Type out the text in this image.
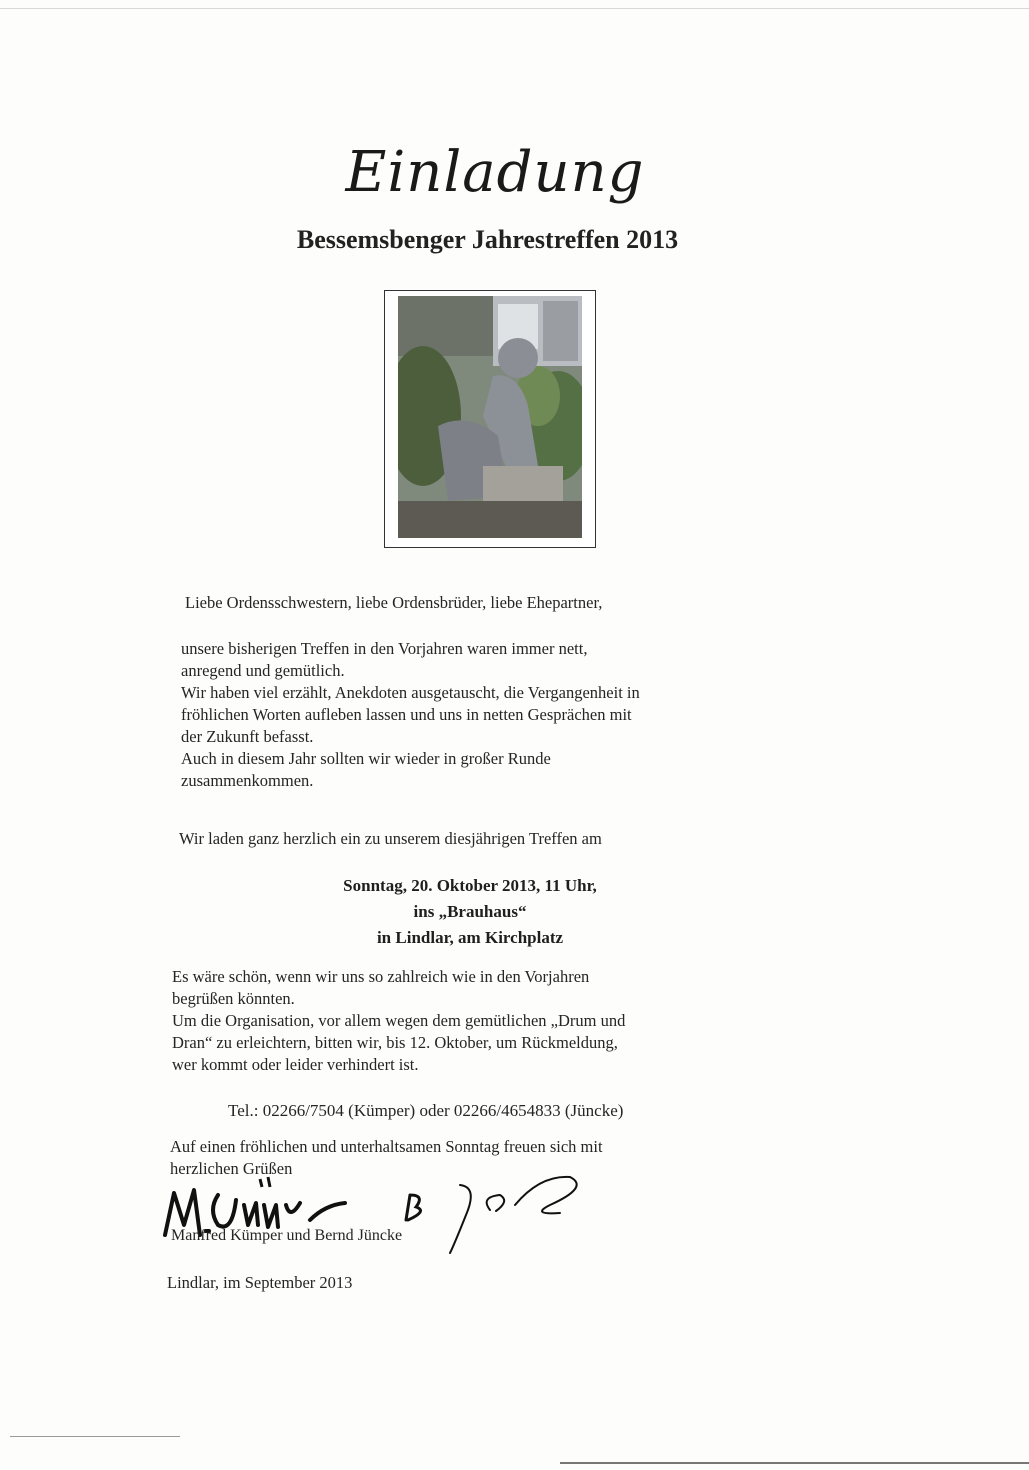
Einladung
Bessemsbenger Jahrestreffen 2013
Liebe Ordensschwestern, liebe Ordensbrüder, liebe Ehepartner,
unsere bisherigen Treffen in den Vorjahren waren immer nett,
anregend und gemütlich.
Wir haben viel erzählt, Anekdoten ausgetauscht, die Vergangenheit in
fröhlichen Worten aufleben lassen und uns in netten Gesprächen mit
der Zukunft befasst.
Auch in diesem Jahr sollten wir wieder in großer Runde
zusammenkommen.
Wir laden ganz herzlich ein zu unserem diesjährigen Treffen am
Sonntag, 20. Oktober 2013, 11 Uhr,
ins „Brauhaus“
in Lindlar, am Kirchplatz
Es wäre schön, wenn wir uns so zahlreich wie in den Vorjahren
begrüßen könnten.
Um die Organisation, vor allem wegen dem gemütlichen „Drum und
Dran“ zu erleichtern, bitten wir, bis 12. Oktober, um Rückmeldung,
wer kommt oder leider verhindert ist.
Tel.: 02266/7504 (Kümper) oder 02266/4654833 (Jüncke)
Auf einen fröhlichen und unterhaltsamen Sonntag freuen sich mit
herzlichen Grüßen
Manfred Kümper und Bernd Jüncke
Lindlar, im September 2013
